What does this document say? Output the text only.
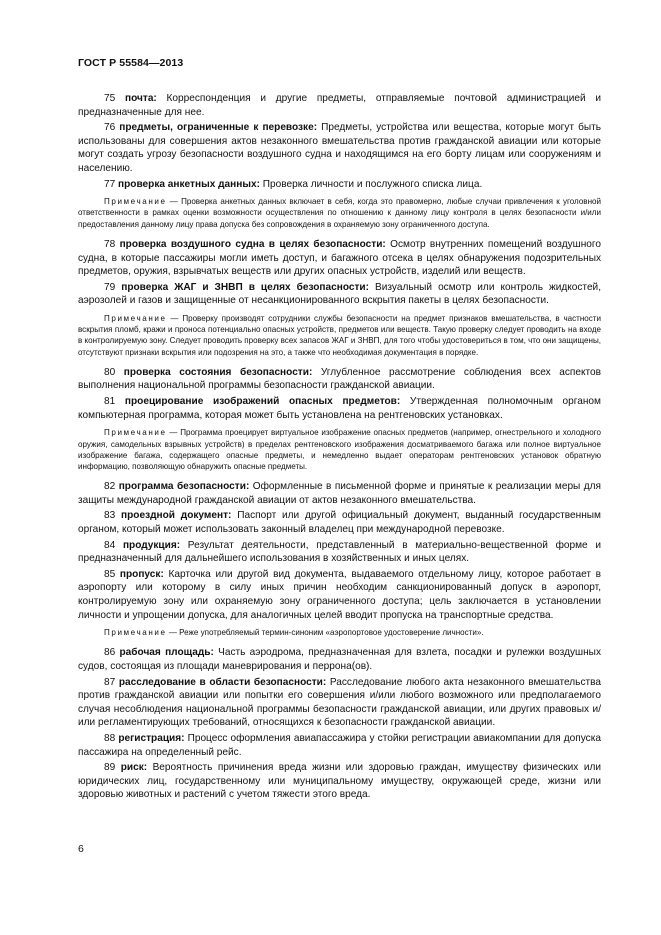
ГОСТ Р 55584—2013

75 почта: Корреспонденция и другие предметы, отправляемые почтовой администрацией и предназначенные для нее.

76 предметы, ограниченные к перевозке: Предметы, устройства или вещества, которые могут быть использованы для совершения актов незаконного вмешательства против гражданской авиации или которые могут создать угрозу безопасности воздушного судна и находящимся на его борту лицам или сооружениям и населению.

77 проверка анкетных данных: Проверка личности и послужного списка лица.

Примечание — Проверка анкетных данных включает в себя, когда это правомерно, любые случаи привлечения к уголовной ответственности в рамках оценки возможности осуществления по отношению к данному лицу контроля в целях безопасности и/или предоставления данному лицу права допуска без сопровождения в охраняемую зону ограниченного доступа.

78 проверка воздушного судна в целях безопасности: Осмотр внутренних помещений воздушного судна, в которые пассажиры могли иметь доступ, и багажного отсека в целях обнаружения подозрительных предметов, оружия, взрывчатых веществ или других опасных устройств, изделий или веществ.

79 проверка ЖАГ и ЗНВП в целях безопасности: Визуальный осмотр или контроль жидкостей, аэрозолей и газов и защищенные от несанкционированного вскрытия пакеты в целях безопасности.

Примечание — Проверку производят сотрудники службы безопасности на предмет признаков вмешательства, в частности вскрытия пломб, кражи и проноса потенциально опасных устройств, предметов или веществ. Такую проверку следует проводить на входе в контролируемую зону. Следует проводить проверку всех запасов ЖАГ и ЗНВП, для того чтобы удостовериться в том, что они защищены, отсутствуют признаки вскрытия или подозрения на это, а также что необходимая документация в порядке.

80 проверка состояния безопасности: Углубленное рассмотрение соблюдения всех аспектов выполнения национальной программы безопасности гражданской авиации.

81 проецирование изображений опасных предметов: Утвержденная полномочным органом компьютерная программа, которая может быть установлена на рентгеновских установках.

Примечание — Программа проецирует виртуальное изображение опасных предметов (например, огнестрельного и холодного оружия, самодельных взрывных устройств) в пределах рентгеновского изображения досматриваемого багажа или полное виртуальное изображение багажа, содержащего опасные предметы, и немедленно выдает операторам рентгеновских установок обратную информацию, позволяющую обнаружить опасные предметы.

82 программа безопасности: Оформленные в письменной форме и принятые к реализации меры для защиты международной гражданской авиации от актов незаконного вмешательства.

83 проездной документ: Паспорт или другой официальный документ, выданный государственным органом, который может использовать законный владелец при международной перевозке.

84 продукция: Результат деятельности, представленный в материально-вещественной форме и предназначенный для дальнейшего использования в хозяйственных и иных целях.

85 пропуск: Карточка или другой вид документа, выдаваемого отдельному лицу, которое работает в аэропорту или которому в силу иных причин необходим санкционированный допуск в аэропорт, контролируемую зону или охраняемую зону ограниченного доступа; цель заключается в установлении личности и упрощении допуска, для аналогичных целей вводит пропуска на транспортные средства.

Примечание — Реже употребляемый термин-синоним «аэропортовое удостоверение личности».

86 рабочая площадь: Часть аэродрома, предназначенная для взлета, посадки и рулежки воздушных судов, состоящая из площади маневрирования и перрона(ов).

87 расследование в области безопасности: Расследование любого акта незаконного вмешательства против гражданской авиации или попытки его совершения и/или любого возможного или предполагаемого случая несоблюдения национальной программы безопасности гражданской авиации, или других правовых и/или регламентирующих требований, относящихся к безопасности гражданской авиации.

88 регистрация: Процесс оформления авиапассажира у стойки регистрации авиакомпании для допуска пассажира на определенный рейс.

89 риск: Вероятность причинения вреда жизни или здоровью граждан, имуществу физических или юридических лиц, государственному или муниципальному имуществу, окружающей среде, жизни или здоровью животных и растений с учетом тяжести этого вреда.

6
